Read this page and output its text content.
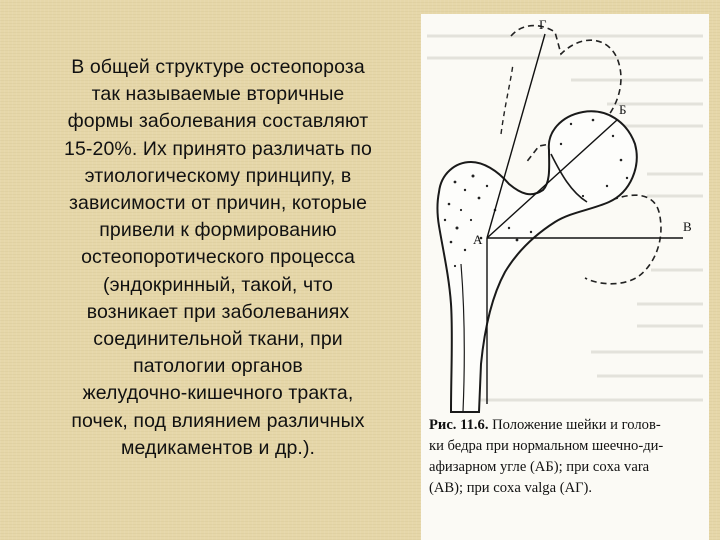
В общей структуре остеопороза
так называемые вторичные
формы заболевания составляют
15-20%. Их принято различать по
этиологическому принципу, в
зависимости от причин, которые
привели к формированию
остеопоротического процесса
(эндокринный, такой, что
возникает при заболеваниях
соединительной ткани, при
патологии органов
желудочно-кишечного тракта,
почек, под влиянием различных
медикаментов и др.).
Г
Б
В
А
Рис. 11.6. Положение шейки и голов-
ки бедра при нормальном шеечно-ди-
афизарном угле (АБ); при coxa vara
(АВ); при coxa valga (АГ).
